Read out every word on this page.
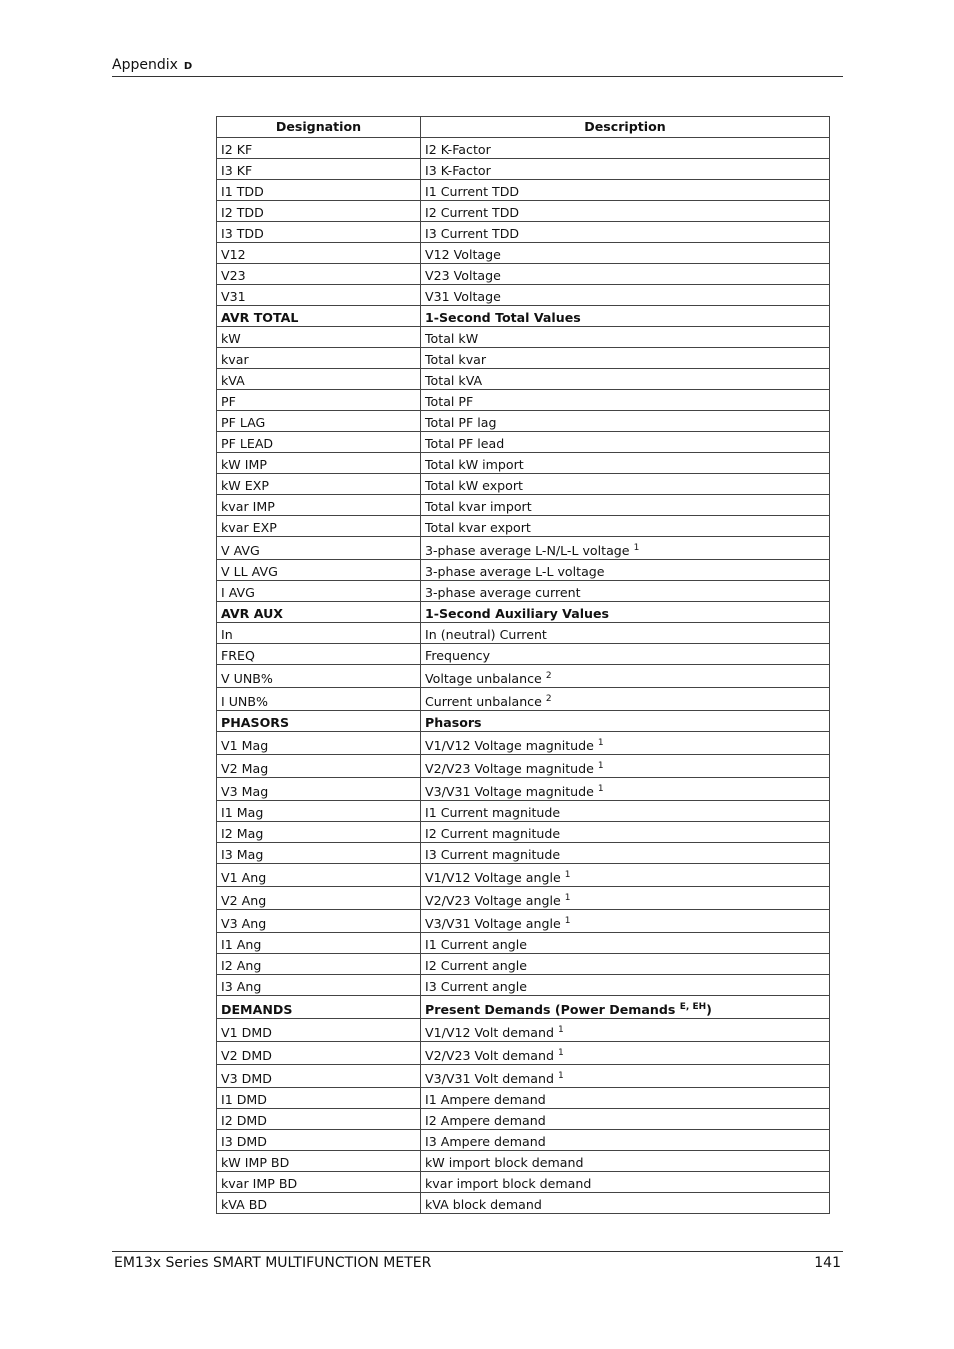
Appendix D
Designation	Description
I2 KF	I2 K-Factor
I3 KF	I3 K-Factor
I1 TDD	I1 Current TDD
I2 TDD	I2 Current TDD
I3 TDD	I3 Current TDD
V12	V12 Voltage
V23	V23 Voltage
V31	V31 Voltage
AVR TOTAL	1-Second Total Values
kW	Total kW
kvar	Total kvar
kVA	Total kVA
PF	Total PF
PF LAG	Total PF lag
PF LEAD	Total PF lead
kW IMP	Total kW import
kW EXP	Total kW export
kvar IMP	Total kvar import
kvar EXP	Total kvar export
V AVG	3-phase average L-N/L-L voltage $^1$
V LL AVG	3-phase average L-L voltage
I AVG	3-phase average current
AVR AUX	1-Second Auxiliary Values
In	In (neutral) Current
FREQ	Frequency
V UNB%	Voltage unbalance $^2$
I UNB%	Current unbalance $^2$
PHASORS	Phasors
V1 Mag	V1/V12 Voltage magnitude $^1$
V2 Mag	V2/V23 Voltage magnitude $^1$
V3 Mag	V3/V31 Voltage magnitude $^1$
I1 Mag	I1 Current magnitude
I2 Mag	I2 Current magnitude
I3 Mag	I3 Current magnitude
V1 Ang	V1/V12 Voltage angle $^1$
V2 Ang	V2/V23 Voltage angle $^1$
V3 Ang	V3/V31 Voltage angle $^1$
I1 Ang	I1 Current angle
I2 Ang	I2 Current angle
I3 Ang	I3 Current angle
DEMANDS	Present Demands (Power Demands $^{E, EH}$)
V1 DMD	V1/V12 Volt demand $^1$
V2 DMD	V2/V23 Volt demand $^1$
V3 DMD	V3/V31 Volt demand $^1$
I1 DMD	I1 Ampere demand
I2 DMD	I2 Ampere demand
I3 DMD	I3 Ampere demand
kW IMP BD	kW import block demand
kvar IMP BD	kvar import block demand
kVA BD	kVA block demand
EM13x Series SMART MULTIFUNCTION METER	141
